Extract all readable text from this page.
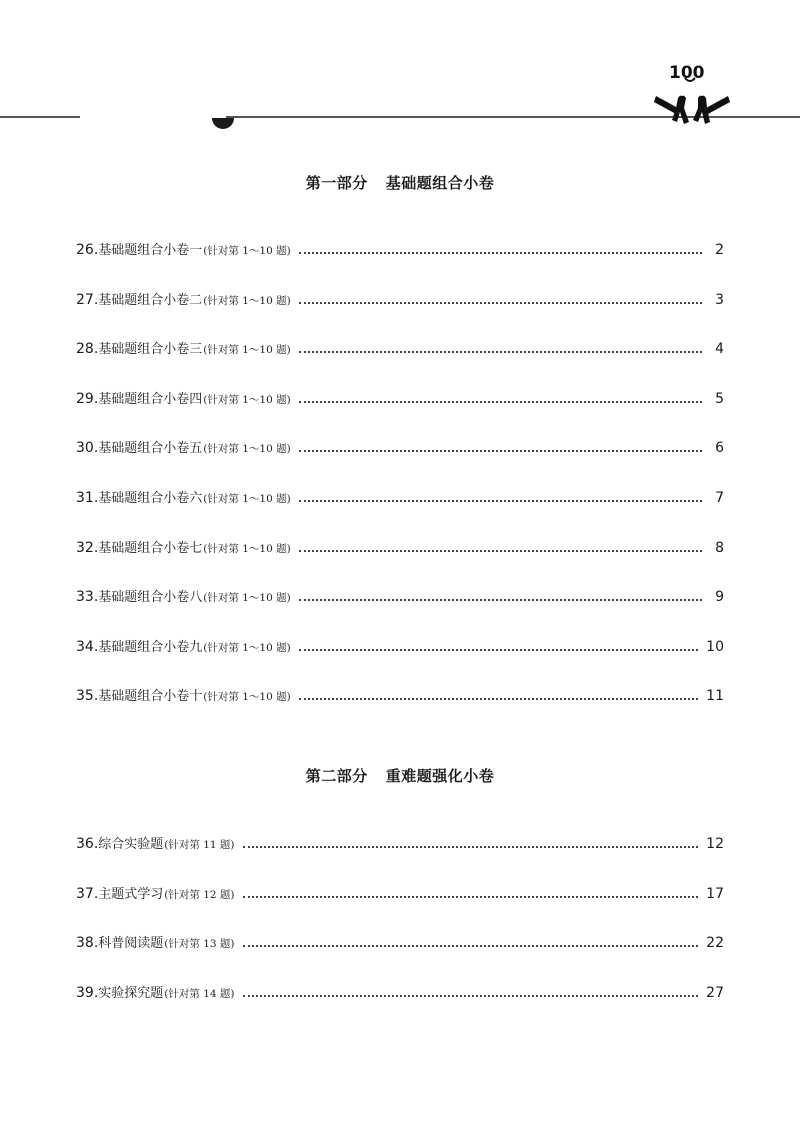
100
第一部分 基础题组合小卷
26. 基础题组合小卷一 (针对第 1～10 题)	2
27. 基础题组合小卷二 (针对第 1～10 题)	3
28. 基础题组合小卷三 (针对第 1～10 题)	4
29. 基础题组合小卷四 (针对第 1～10 题)	5
30. 基础题组合小卷五 (针对第 1～10 题)	6
31. 基础题组合小卷六 (针对第 1～10 题)	7
32. 基础题组合小卷七 (针对第 1～10 题)	8
33. 基础题组合小卷八 (针对第 1～10 题)	9
34. 基础题组合小卷九 (针对第 1～10 题)	10
35. 基础题组合小卷十 (针对第 1～10 题)	11
第二部分 重难题强化小卷
36. 综合实验题 (针对第 11 题)	12
37. 主题式学习 (针对第 12 题)	17
38. 科普阅读题 (针对第 13 题)	22
39. 实验探究题 (针对第 14 题)	27
